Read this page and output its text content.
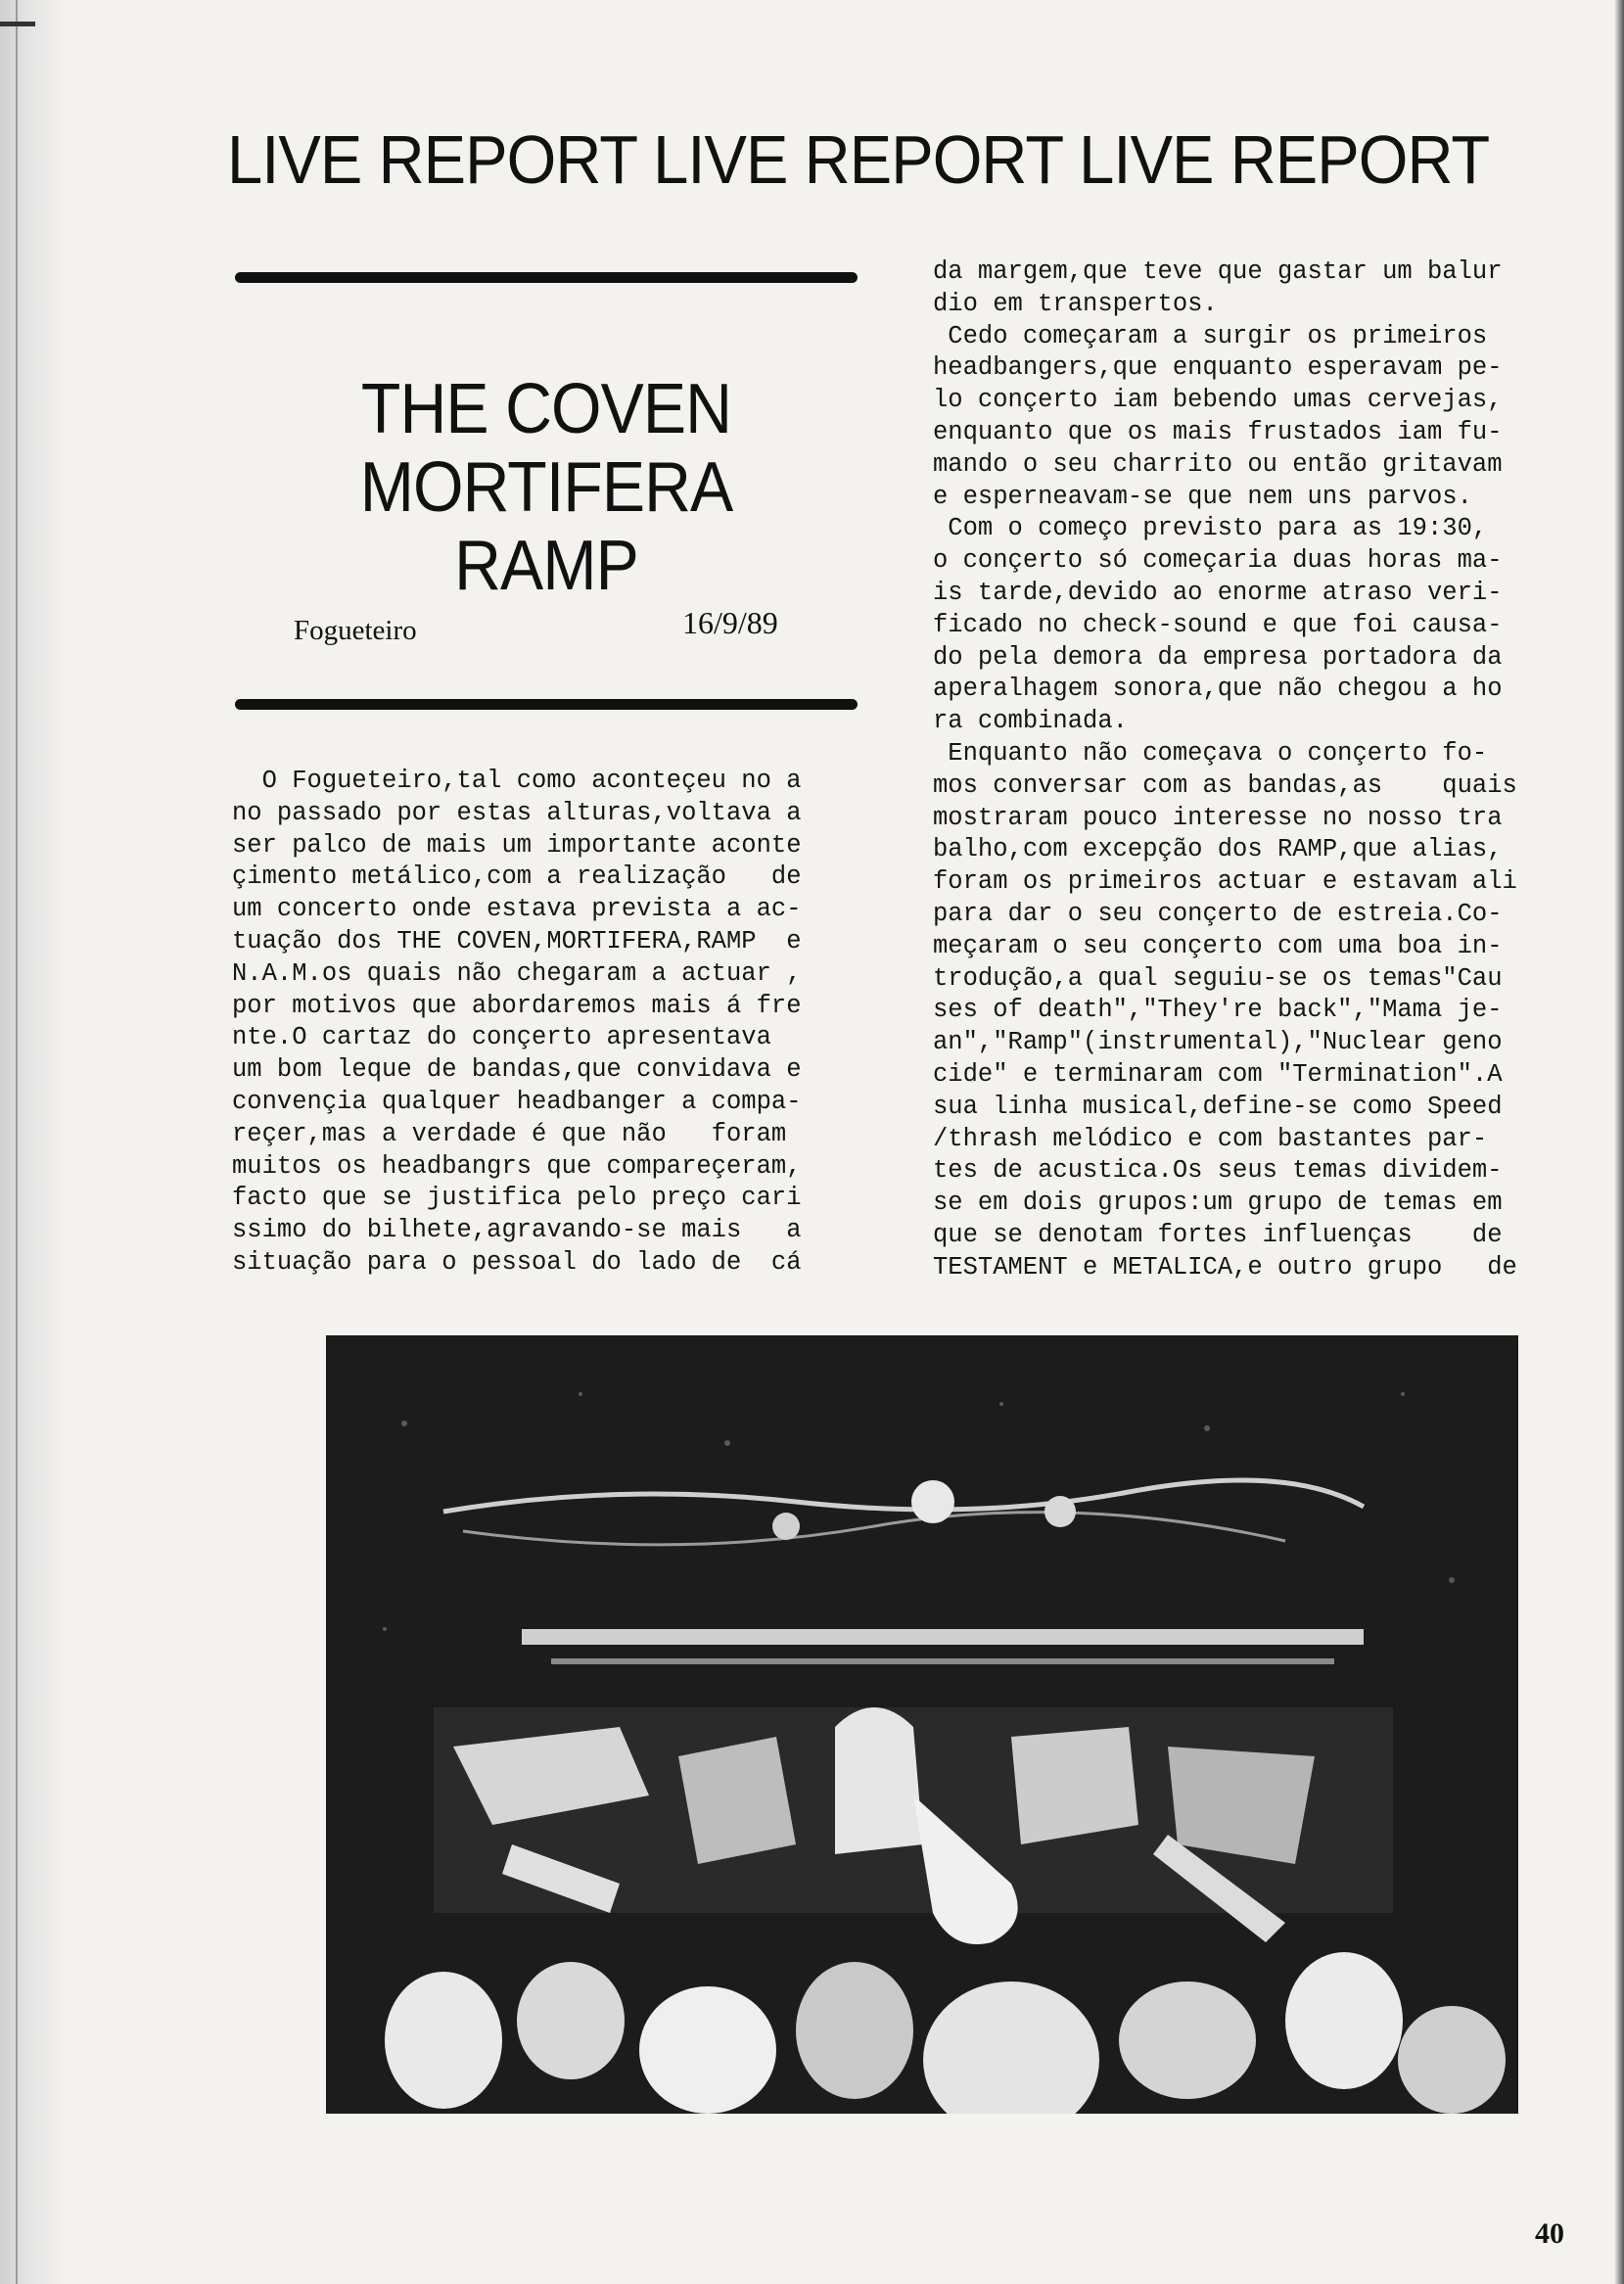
LIVE REPORT LIVE REPORT LIVE REPORT
THE COVEN
MORTIFERA
RAMP
Fogueteiro	16/9/89
O Fogueteiro,tal como aconteçeu no a
no passado por estas alturas,voltava a
ser palco de mais um importante aconte
çimento metálico,com a realização   de
um concerto onde estava prevista a ac-
tuação dos THE COVEN,MORTIFERA,RAMP  e
N.A.M.os quais não chegaram a actuar ,
por motivos que abordaremos mais á fre
nte.O cartaz do conçerto apresentava
um bom leque de bandas,que convidava e
convençia qualquer headbanger a compa-
reçer,mas a verdade é que não   foram
muitos os headbangrs que compareçeram,
facto que se justifica pelo preço cari
ssimo do bilhete,agravando-se mais   a
situação para o pessoal do lado de  cá
da margem,que teve que gastar um balur
dio em transpertos.
Cedo começaram a surgir os primeiros
headbangers,que enquanto esperavam pe-
lo conçerto iam bebendo umas cervejas,
enquanto que os mais frustados iam fu-
mando o seu charrito ou então gritavam
e esperneavam-se que nem uns parvos.
Com o começo previsto para as 19:30,
o conçerto só começaria duas horas ma-
is tarde,devido ao enorme atraso veri-
ficado no check-sound e que foi causa-
do pela demora da empresa portadora da
aperalhagem sonora,que não chegou a ho
ra combinada.
Enquanto não começava o conçerto fo-
mos conversar com as bandas,as    quais
mostraram pouco interesse no nosso tra
balho,com excepção dos RAMP,que alias,
foram os primeiros actuar e estavam ali
para dar o seu conçerto de estreia.Co-
meçaram o seu conçerto com uma boa in-
trodução,a qual seguiu-se os temas"Cau
ses of death","They're back","Mama je-
an","Ramp"(instrumental),"Nuclear geno
cide" e terminaram com "Termination".A
sua linha musical,define-se como Speed
/thrash melódico e com bastantes par-
tes de acustica.Os seus temas dividem-
se em dois grupos:um grupo de temas em
que se denotam fortes influenças    de
TESTAMENT e METALICA,e outro grupo   de
40
